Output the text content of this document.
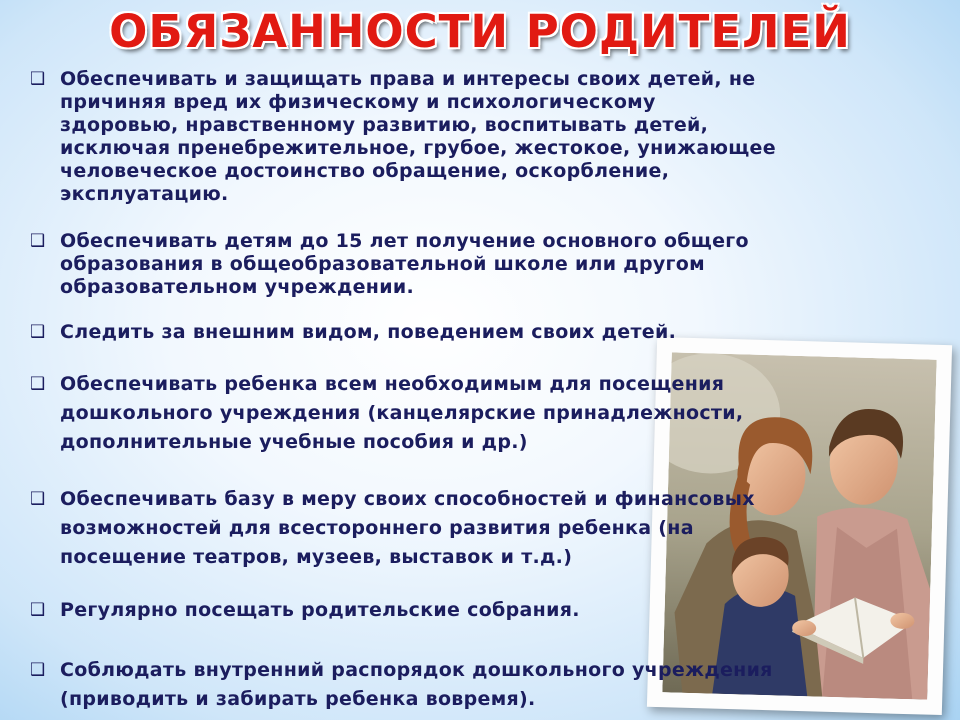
ОБЯЗАННОСТИ РОДИТЕЛЕЙ
❑ Обеспечивать и защищать права и интересы своих детей, не
причиняя вред их физическому и психологическому
здоровью, нравственному развитию, воспитывать детей,
исключая пренебрежительное, грубое, жестокое, унижающее
человеческое достоинство обращение, оскорбление,
эксплуатацию.
❑ Обеспечивать детям до 15 лет получение основного общего
образования в общеобразовательной школе или другом
образовательном учреждении.
❑ Следить за внешним видом, поведением своих детей.
❑ Обеспечивать ребенка всем необходимым для посещения
дошкольного учреждения (канцелярские принадлежности,
дополнительные учебные пособия и др.)
❑ Обеспечивать базу в меру своих способностей и финансовых
возможностей для всестороннего развития ребенка (на
посещение театров, музеев, выставок и т.д.)
❑ Регулярно посещать родительские собрания.
❑ Соблюдать внутренний распорядок дошкольного учреждения
(приводить и забирать ребенка вовремя).
